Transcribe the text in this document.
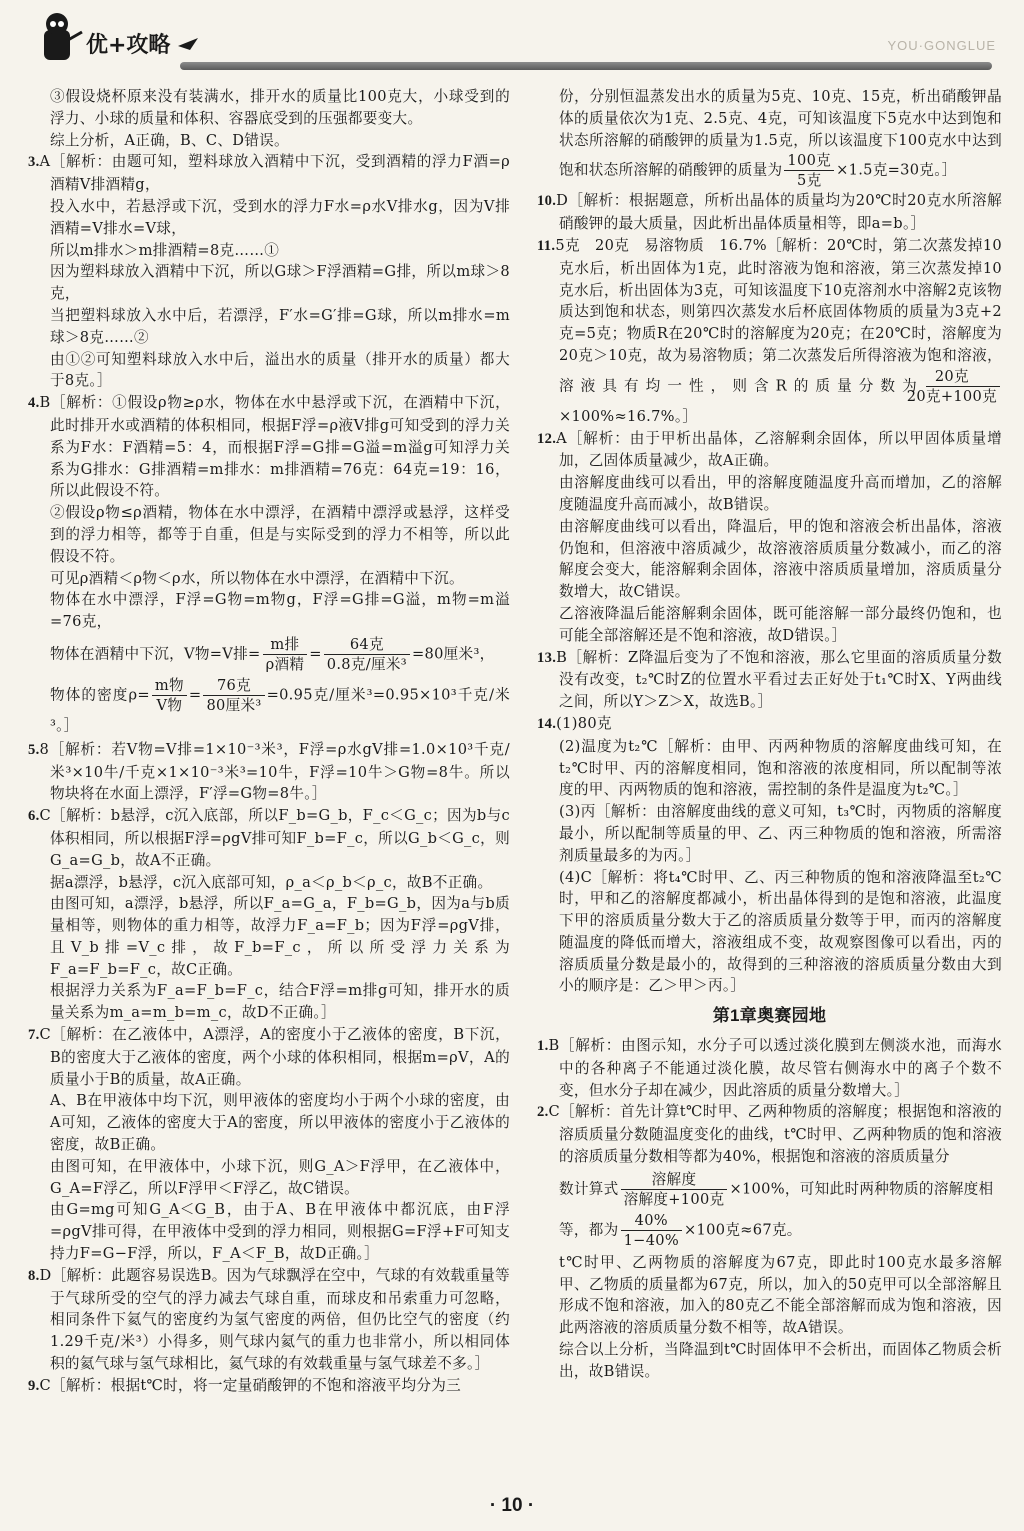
优+攻略	YOU·GONGLUE

③假设烧杯原来没有装满水，排开水的质量比100克大，小球受到的浮力、小球的质量和体积、容器底受到的压强都要变大。

综上分析，A正确，B、C、D错误。

3.A［解析：由题可知，塑料球放入酒精中下沉，受到酒精的浮力F酒=ρ酒精V排酒精g，

投入水中，若悬浮或下沉，受到水的浮力F水=ρ水V排水g，因为V排酒精=V排水=V球，

所以m排水＞m排酒精=8克……①

因为塑料球放入酒精中下沉，所以G球＞F浮酒精=G排，所以m球＞8克，

当把塑料球放入水中后，若漂浮，F′水=G′排=G球，所以m排水=m球＞8克……②

由①②可知塑料球放入水中后，溢出水的质量（排开水的质量）都大于8克。］

4.B［解析：①假设ρ物≥ρ水，物体在水中悬浮或下沉，在酒精中下沉，此时排开水或酒精的体积相同，根据F浮=ρ液V排g可知受到的浮力关系为F水：F酒精=5：4，而根据F浮=G排=G溢=m溢g可知浮力关系为G排水：G排酒精=m排水：m排酒精=76克：64克=19：16，所以此假设不符。

②假设ρ物≤ρ酒精，物体在水中漂浮，在酒精中漂浮或悬浮，这样受到的浮力相等，都等于自重，但是与实际受到的浮力不相等，所以此假设不符。

可见ρ酒精＜ρ物＜ρ水，所以物体在水中漂浮，在酒精中下沉。

物体在水中漂浮，F浮=G物=m物g，F浮=G排=G溢，m物=m溢=76克，

物体在酒精中下沉，V物=V排= $\frac{\text{m排}}{\text{ρ酒精}} = \frac{\text{64克}}{\text{0.8克/厘米³}} =80$厘米³，

物体的密度$\rho= \frac{\text{m物}}{\text{V物}} = \frac{\text{76克}}{\text{80厘米³}} =0.95$克/厘米³=0.95×10³千克/米³。］

5.8［解析：若V物=V排=1×10⁻³米³，F浮=ρ水gV排=1.0×10³千克/米³×10牛/千克×1×10⁻³米³=10牛，F浮=10牛＞G物=8牛。所以物块将在水面上漂浮，F′浮=G物=8牛。］

6.C［解析：b悬浮，c沉入底部，所以F_b=G_b，F_c＜G_c；因为b与c体积相同，所以根据F浮=ρgV排可知F_b=F_c，所以G_b＜G_c，则G_a=G_b，故A不正确。

据a漂浮，b悬浮，c沉入底部可知，ρ_a＜ρ_b＜ρ_c，故B不正确。

由图可知，a漂浮，b悬浮，所以F_a=G_a，F_b=G_b，因为a与b质量相等，则物体的重力相等，故浮力F_a=F_b；因为F浮=ρgV排，且V_b排=V_c排，故F_b=F_c，所以所受浮力关系为F_a=F_b=F_c，故C正确。

根据浮力关系为F_a=F_b=F_c，结合F浮=m排g可知，排开水的质量关系为m_a=m_b=m_c，故D不正确。］

7.C［解析：在乙液体中，A漂浮，A的密度小于乙液体的密度，B下沉，B的密度大于乙液体的密度，两个小球的体积相同，根据m=ρV，A的质量小于B的质量，故A正确。

A、B在甲液体中均下沉，则甲液体的密度均小于两个小球的密度，由A可知，乙液体的密度大于A的密度，所以甲液体的密度小于乙液体的密度，故B正确。

由图可知，在甲液体中，小球下沉，则G_A＞F浮甲，在乙液体中，G_A=F浮乙，所以F浮甲＜F浮乙，故C错误。

由G=mg可知G_A＜G_B，由于A、B在甲液体中都沉底，由F浮=ρgV排可得，在甲液体中受到的浮力相同，则根据G=F浮+F可知支持力F=G−F浮，所以，F_A＜F_B，故D正确。］

8.D［解析：此题容易误选B。因为气球飘浮在空中，气球的有效载重量等于气球所受的空气的浮力减去气球自重，而球皮和吊索重力可忽略，相同条件下氦气的密度约为氢气密度的两倍，但仍比空气的密度（约1.29千克/米³）小得多，则气球内氦气的重力也非常小，所以相同体积的氦气球与氢气球相比，氦气球的有效载重量与氢气球差不多。］

9.C［解析：根据t℃时，将一定量硝酸钾的不饱和溶液平均分为三

份，分别恒温蒸发出水的质量为5克、10克、15克，析出硝酸钾晶体的质量依次为1克、2.5克、4克，可知该温度下5克水中达到饱和状态所溶解的硝酸钾的质量为1.5克，所以该温度下100克水中达到饱和状态所溶解的硝酸钾的质量为 $\frac{\text{100克}}{\text{5克}} \times 1.5$克=30克。］

10.D［解析：根据题意，所析出晶体的质量均为20℃时20克水所溶解硝酸钾的最大质量，因此析出晶体质量相等，即a=b。］

11.5克　20克　易溶物质　16.7%［解析：20℃时，第二次蒸发掉10克水后，析出固体为1克，此时溶液为饱和溶液，第三次蒸发掉10克水后，析出固体为3克，可知该温度下10克溶剂水中溶解2克该物质达到饱和状态，则第四次蒸发水后杯底固体物质的质量为3克+2克=5克；物质R在20℃时的溶解度为20克；在20℃时，溶解度为20克＞10克，故为易溶物质；第二次蒸发后所得溶液为饱和溶液，溶液具有均一性，则含R的质量分数为 $\frac{\text{20克}}{\text{20克+100克}}$
×100%≈16.7%。］

12.A［解析：由于甲析出晶体，乙溶解剩余固体，所以甲固体质量增加，乙固体质量减少，故A正确。

由溶解度曲线可以看出，甲的溶解度随温度升高而增加，乙的溶解度随温度升高而减小，故B错误。

由溶解度曲线可以看出，降温后，甲的饱和溶液会析出晶体，溶液仍饱和，但溶液中溶质减少，故溶液溶质质量分数减小，而乙的溶解度会变大，能溶解剩余固体，溶液中溶质质量增加，溶质质量分数增大，故C错误。

乙溶液降温后能溶解剩余固体，既可能溶解一部分最终仍饱和，也可能全部溶解还是不饱和溶液，故D错误。］

13.B［解析：Z降温后变为了不饱和溶液，那么它里面的溶质质量分数没有改变，t₂℃时Z的位置水平看过去正好处于t₁℃时X、Y两曲线之间，所以Y＞Z＞X，故选B。］

14.(1)80克

(2)温度为t₂℃［解析：由甲、丙两种物质的溶解度曲线可知，在t₂℃时甲、丙的溶解度相同，饱和溶液的浓度相同，所以配制等浓度的甲、丙两物质的饱和溶液，需控制的条件是温度为t₂℃。］

(3)丙［解析：由溶解度曲线的意义可知，t₃℃时，丙物质的溶解度最小，所以配制等质量的甲、乙、丙三种物质的饱和溶液，所需溶剂质量最多的为丙。］

(4)C［解析：将t₄℃时甲、乙、丙三种物质的饱和溶液降温至t₂℃时，甲和乙的溶解度都减小，析出晶体得到的是饱和溶液，此温度下甲的溶质质量分数大于乙的溶质质量分数等于甲，而丙的溶解度随温度的降低而增大，溶液组成不变，故观察图像可以看出，丙的溶质质量分数是最小的，故得到的三种溶液的溶质质量分数由大到小的顺序是：乙＞甲＞丙。］

第1章奥赛园地

1.B［解析：由图示知，水分子可以透过淡化膜到左侧淡水池，而海水中的各种离子不能通过淡化膜，故尽管右侧海水中的离子个数不变，但水分子却在减少，因此溶质的质量分数增大。］

2.C［解析：首先计算t℃时甲、乙两种物质的溶解度；根据饱和溶液的溶质质量分数随温度变化的曲线，t℃时甲、乙两种物质的饱和溶液的溶质质量分数相等都为40%，根据饱和溶液的溶质质量分

数计算式 $\frac{\text{溶解度}}{\text{溶解度+100克}} \times 100\%$，可知此时两种物质的溶解度相

等，都为 $\frac{40\%}{1-40\%} \times 100$克≈67克。

t℃时甲、乙两物质的溶解度为67克，即此时100克水最多溶解甲、乙物质的质量都为67克，所以，加入的50克甲可以全部溶解且形成不饱和溶液，加入的80克乙不能全部溶解而成为饱和溶液，因此两溶液的溶质质量分数不相等，故A错误。

综合以上分析，当降温到t℃时固体甲不会析出，而固体乙物质会析出，故B错误。

· 10 ·
